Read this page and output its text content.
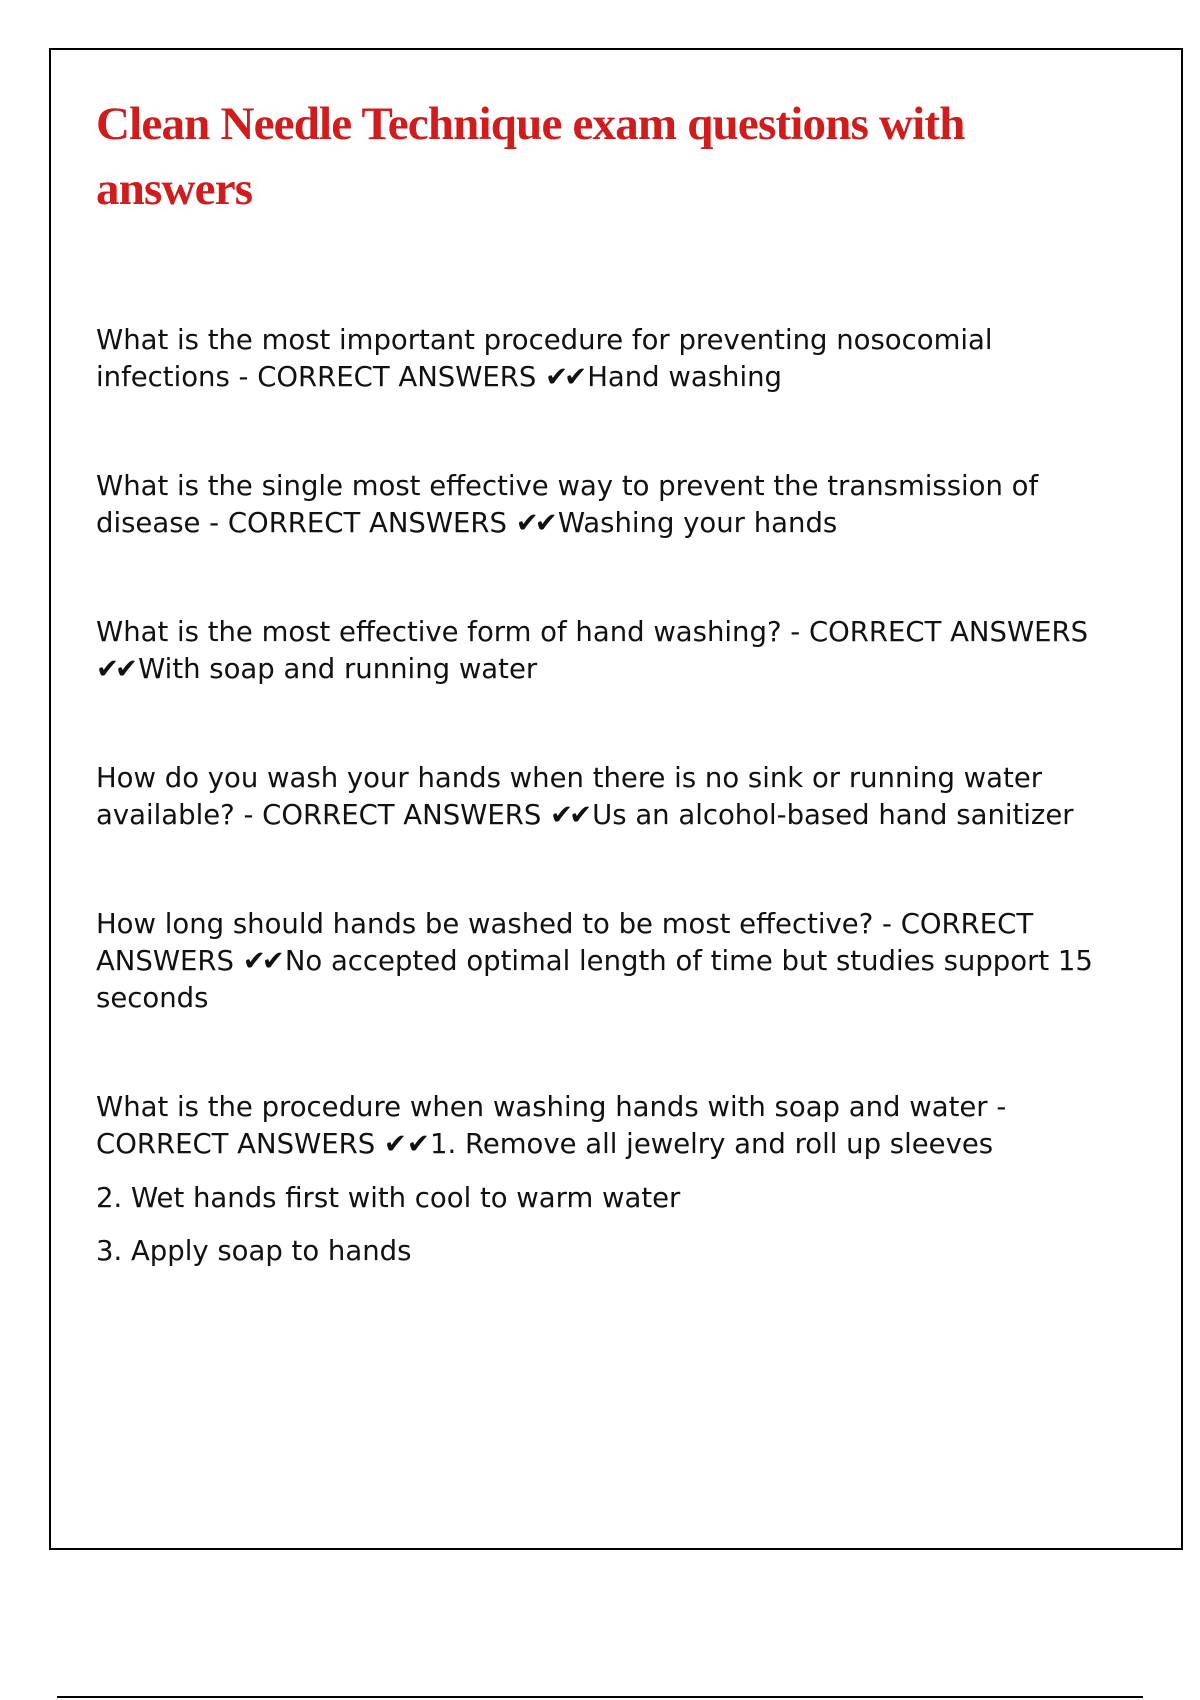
Clean Needle Technique exam questions with answers

What is the most important procedure for preventing nosocomial infections - CORRECT ANSWERS ✔✔ Hand washing

What is the single most effective way to prevent the transmission of disease - CORRECT ANSWERS ✔✔ Washing your hands

What is the most effective form of hand washing? - CORRECT ANSWERS ✔✔ With soap and running water

How do you wash your hands when there is no sink or running water available? - CORRECT ANSWERS ✔✔ Us an alcohol-based hand sanitizer

How long should hands be washed to be most effective? - CORRECT ANSWERS ✔✔ No accepted optimal length of time but studies support 15 seconds

What is the procedure when washing hands with soap and water - CORRECT ANSWERS ✔✔1. Remove all jewelry and roll up sleeves

2. Wet hands first with cool to warm water

3. Apply soap to hands
